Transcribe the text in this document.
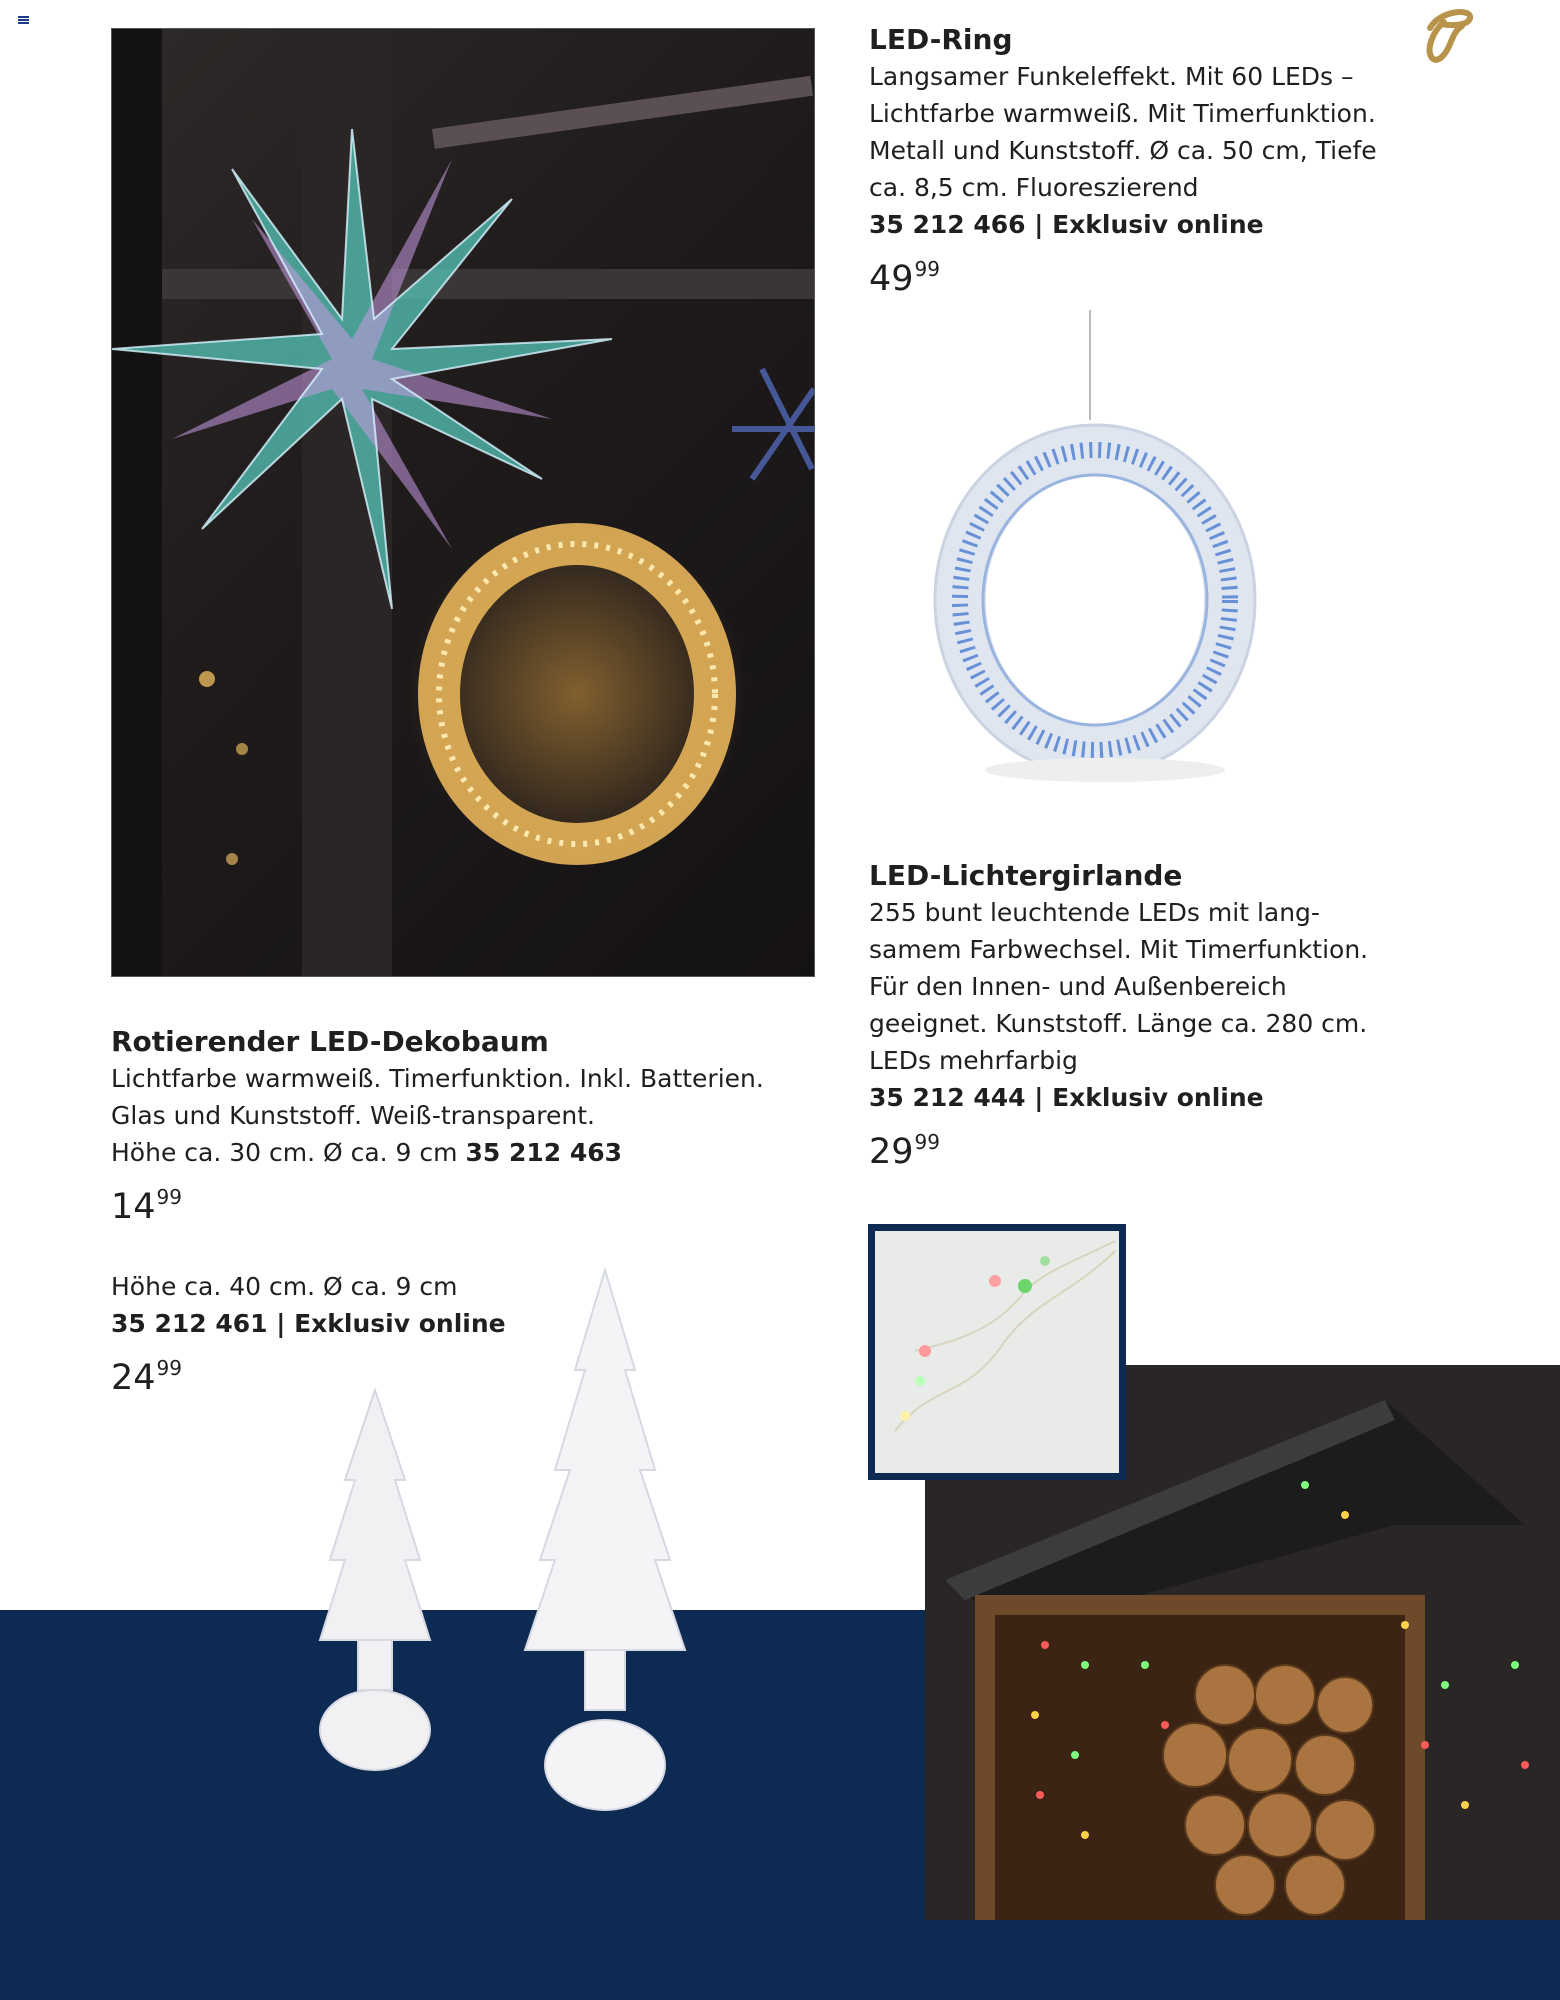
LED-Ring

Langsamer Funkeleffekt. Mit 60 LEDs –

Lichtfarbe warmweiß. Mit Timerfunktion.

Metall und Kunststoff. Ø ca. 50 cm, Tiefe

ca. 8,5 cm. Fluoreszierend

35 212 466 | Exklusiv online

$49^{99}$

LED-Lichtergirlande

255 bunt leuchtende LEDs mit lang-

samem Farbwechsel. Mit Timerfunktion.

Für den Innen- und Außenbereich

geeignet. Kunststoff. Länge ca. 280 cm.

LEDs mehrfarbig

35 212 444 | Exklusiv online

$29^{99}$

Rotierender LED-Dekobaum

Lichtfarbe warmweiß. Timerfunktion. Inkl. Batterien.

Glas und Kunststoff. Weiß-transparent.

Höhe ca. 30 cm. Ø ca. 9 cm 35 212 463

$14^{99}$

Höhe ca. 40 cm. Ø ca. 9 cm

35 212 461 | Exklusiv online

$24^{99}$
